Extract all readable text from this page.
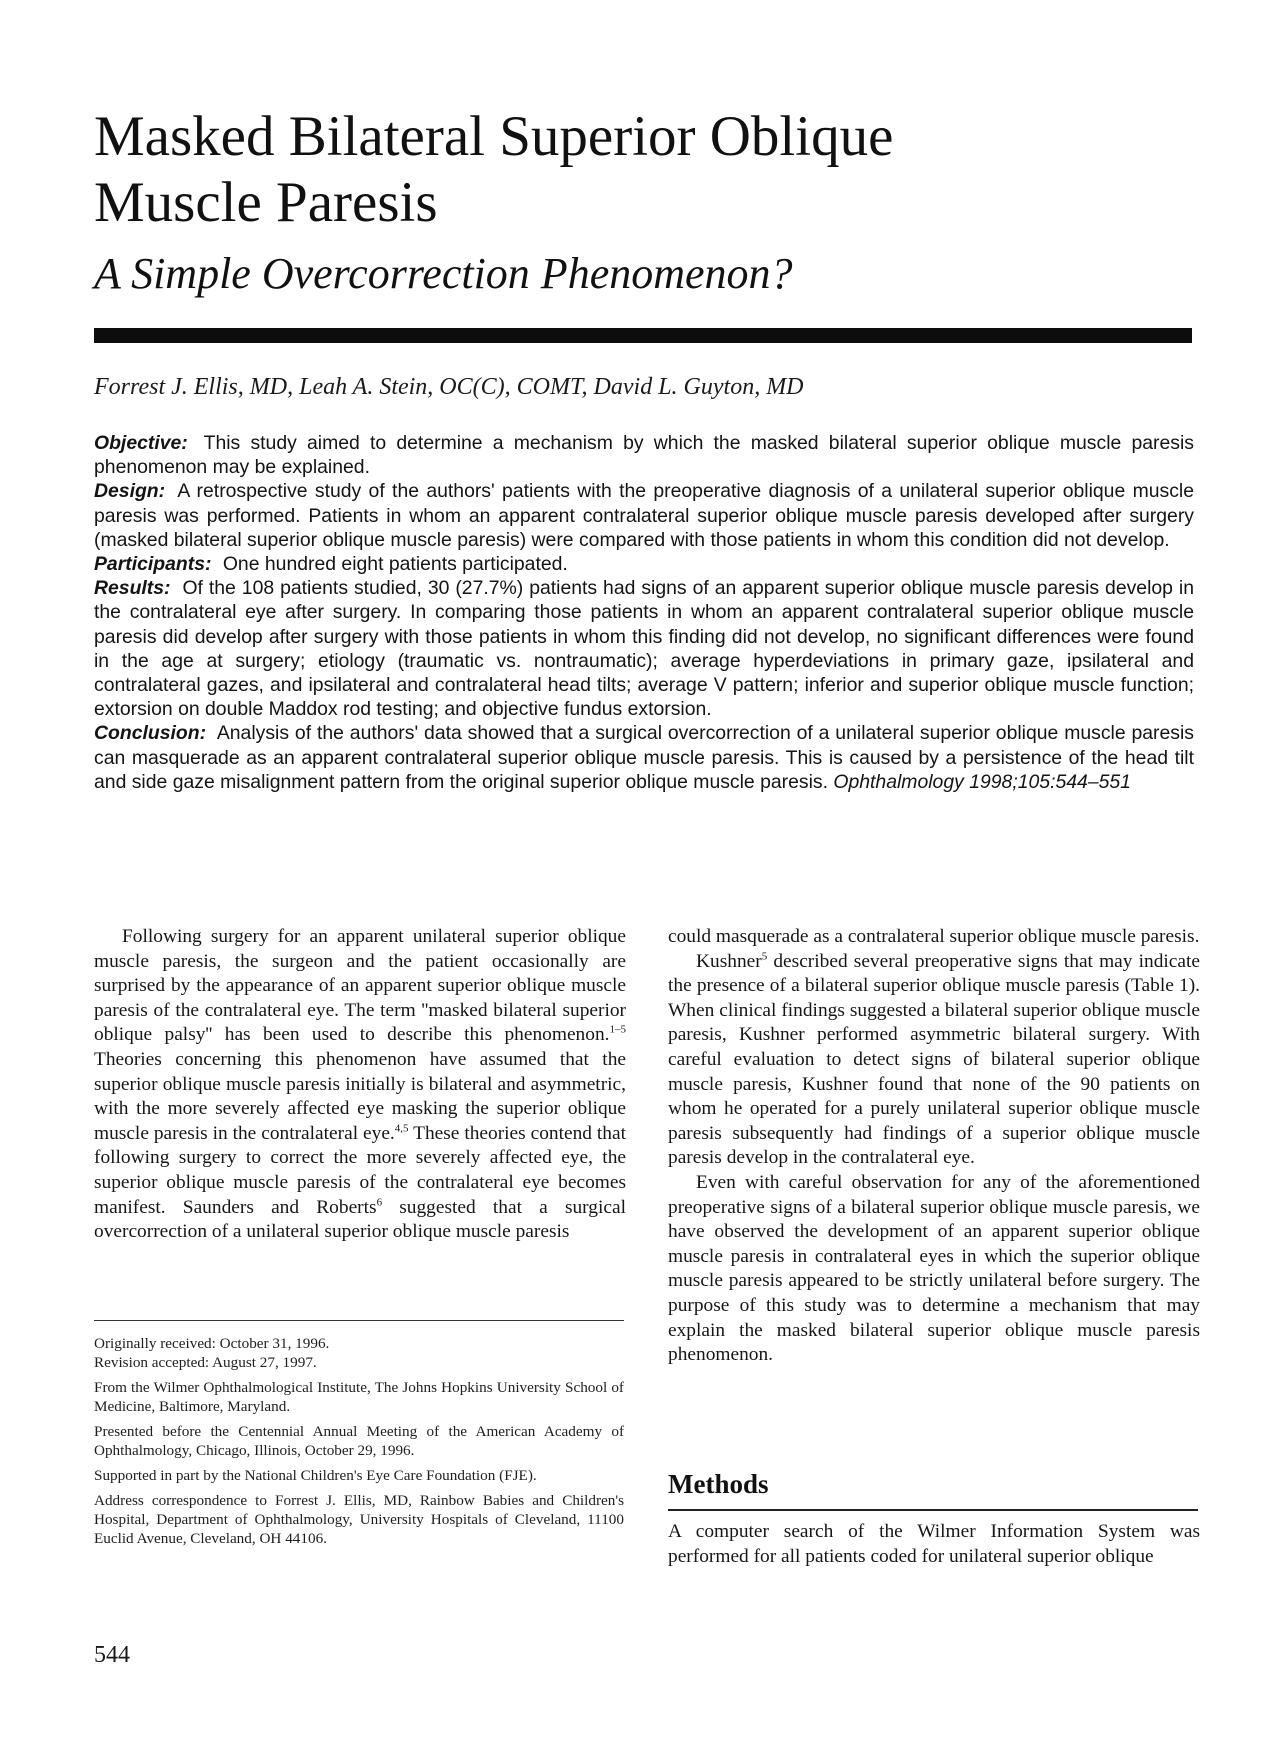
Masked Bilateral Superior Oblique
Muscle Paresis
A Simple Overcorrection Phenomenon?
Forrest J. Ellis, MD, Leah A. Stein, OC(C), COMT, David L. Guyton, MD

Objective: This study aimed to determine a mechanism by which the masked bilateral superior oblique muscle paresis phenomenon may be explained.

Design: A retrospective study of the authors' patients with the preoperative diagnosis of a unilateral superior oblique muscle paresis was performed. Patients in whom an apparent contralateral superior oblique muscle paresis developed after surgery (masked bilateral superior oblique muscle paresis) were compared with those patients in whom this condition did not develop.

Participants: One hundred eight patients participated.

Results: Of the 108 patients studied, 30 (27.7%) patients had signs of an apparent superior oblique muscle paresis develop in the contralateral eye after surgery. In comparing those patients in whom an apparent contralateral superior oblique muscle paresis did develop after surgery with those patients in whom this finding did not develop, no significant differences were found in the age at surgery; etiology (traumatic vs. nontraumatic); average hyperdeviations in primary gaze, ipsilateral and contralateral gazes, and ipsilateral and contralateral head tilts; average V pattern; inferior and superior oblique muscle function; extorsion on double Maddox rod testing; and objective fundus extorsion.

Conclusion: Analysis of the authors' data showed that a surgical overcorrection of a unilateral superior oblique muscle paresis can masquerade as an apparent contralateral superior oblique muscle paresis. This is caused by a persistence of the head tilt and side gaze misalignment pattern from the original superior oblique muscle paresis. Ophthalmology 1998;105:544–551

Following surgery for an apparent unilateral superior oblique muscle paresis, the surgeon and the patient occasionally are surprised by the appearance of an apparent superior oblique muscle paresis of the contralateral eye. The term ''masked bilateral superior oblique palsy'' has been used to describe this phenomenon.$^{1-5}$ Theories concerning this phenomenon have assumed that the superior oblique muscle paresis initially is bilateral and asymmetric, with the more severely affected eye masking the superior oblique muscle paresis in the contralateral eye.$^{4,5}$ These theories contend that following surgery to correct the more severely affected eye, the superior oblique muscle paresis of the contralateral eye becomes manifest. Saunders and Roberts$^6$ suggested that a surgical overcorrection of a unilateral superior oblique muscle paresis

Originally received: October 31, 1996.

Revision accepted: August 27, 1997.

From the Wilmer Ophthalmological Institute, The Johns Hopkins University School of Medicine, Baltimore, Maryland.

Presented before the Centennial Annual Meeting of the American Academy of Ophthalmology, Chicago, Illinois, October 29, 1996.

Supported in part by the National Children's Eye Care Foundation (FJE).

Address correspondence to Forrest J. Ellis, MD, Rainbow Babies and Children's Hospital, Department of Ophthalmology, University Hospitals of Cleveland, 11100 Euclid Avenue, Cleveland, OH 44106.

could masquerade as a contralateral superior oblique muscle paresis.

Kushner$^5$ described several preoperative signs that may indicate the presence of a bilateral superior oblique muscle paresis (Table 1). When clinical findings suggested a bilateral superior oblique muscle paresis, Kushner performed asymmetric bilateral surgery. With careful evaluation to detect signs of bilateral superior oblique muscle paresis, Kushner found that none of the 90 patients on whom he operated for a purely unilateral superior oblique muscle paresis subsequently had findings of a superior oblique muscle paresis develop in the contralateral eye.

Even with careful observation for any of the aforementioned preoperative signs of a bilateral superior oblique muscle paresis, we have observed the development of an apparent superior oblique muscle paresis in contralateral eyes in which the superior oblique muscle paresis appeared to be strictly unilateral before surgery. The purpose of this study was to determine a mechanism that may explain the masked bilateral superior oblique muscle paresis phenomenon.

Methods

A computer search of the Wilmer Information System was performed for all patients coded for unilateral superior oblique

544
